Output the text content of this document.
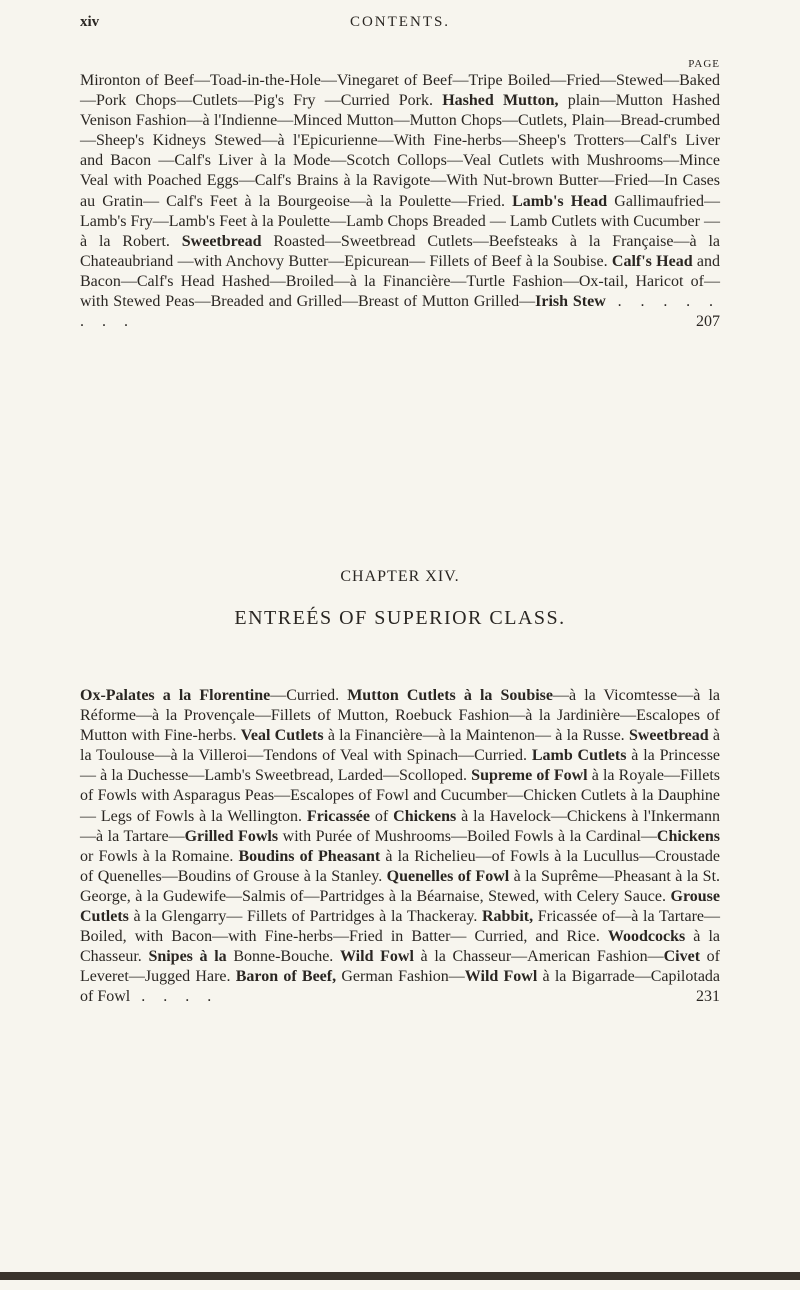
xiv	CONTENTS.
PAGE
207
Mironton of Beef—Toad-in-the-Hole—Vinegaret of Beef—Tripe Boiled—Fried—Stewed—Baked—Pork Chops—Cutlets—Pig's Fry —Curried Pork. Hashed Mutton, plain—Mutton Hashed Venison Fashion—à l'Indienne—Minced Mutton—Mutton Chops—Cutlets, Plain—Bread-crumbed—Sheep's Kidneys Stewed—à l'Epicurienne—With Fine-herbs—Sheep's Trotters—Calf's Liver and Bacon —Calf's Liver à la Mode—Scotch Collops—Veal Cutlets with Mushrooms—Mince Veal with Poached Eggs—Calf's Brains à la Ravigote—With Nut-brown Butter—Fried—In Cases au Gratin— Calf's Feet à la Bourgeoise—à la Poulette—Fried. Lamb's Head Gallimaufried—Lamb's Fry—Lamb's Feet à la Poulette—Lamb Chops Breaded — Lamb Cutlets with Cucumber — à la Robert. Sweetbread Roasted—Sweetbread Cutlets—Beefsteaks à la Française—à la Chateaubriand —with Anchovy Butter—Epicurean— Fillets of Beef à la Soubise. Calf's Head and Bacon—Calf's Head Hashed—Broiled—à la Financière—Turtle Fashion—Ox-tail, Haricot of—with Stewed Peas—Breaded and Grilled—Breast of Mutton Grilled—Irish Stew . . . . . . . .
CHAPTER XIV.
ENTREÉS OF SUPERIOR CLASS.
231
Ox-Palates a la Florentine—Curried. Mutton Cutlets à la Soubise—à la Vicomtesse—à la Réforme—à la Provençale—Fillets of Mutton, Roebuck Fashion—à la Jardinière—Escalopes of Mutton with Fine-herbs. Veal Cutlets à la Financière—à la Maintenon— à la Russe. Sweetbread à la Toulouse—à la Villeroi—Tendons of Veal with Spinach—Curried. Lamb Cutlets à la Princesse— à la Duchesse—Lamb's Sweetbread, Larded—Scolloped. Supreme of Fowl à la Royale—Fillets of Fowls with Asparagus Peas—Escalopes of Fowl and Cucumber—Chicken Cutlets à la Dauphine— Legs of Fowls à la Wellington. Fricassée of Chickens à la Havelock—Chickens à l'Inkermann—à la Tartare—Grilled Fowls with Purée of Mushrooms—Boiled Fowls à la Cardinal—Chickens or Fowls à la Romaine. Boudins of Pheasant à la Richelieu—of Fowls à la Lucullus—Croustade of Quenelles—Boudins of Grouse à la Stanley. Quenelles of Fowl à la Suprême—Pheasant à la St. George, à la Gudewife—Salmis of—Partridges à la Béarnaise, Stewed, with Celery Sauce. Grouse Cutlets à la Glengarry— Fillets of Partridges à la Thackeray. Rabbit, Fricassée of—à la Tartare—Boiled, with Bacon—with Fine-herbs—Fried in Batter— Curried, and Rice. Woodcocks à la Chasseur. Snipes à la Bonne-Bouche. Wild Fowl à la Chasseur—American Fashion—Civet of Leveret—Jugged Hare. Baron of Beef, German Fashion—Wild Fowl à la Bigarrade—Capilotada of Fowl . . . .
